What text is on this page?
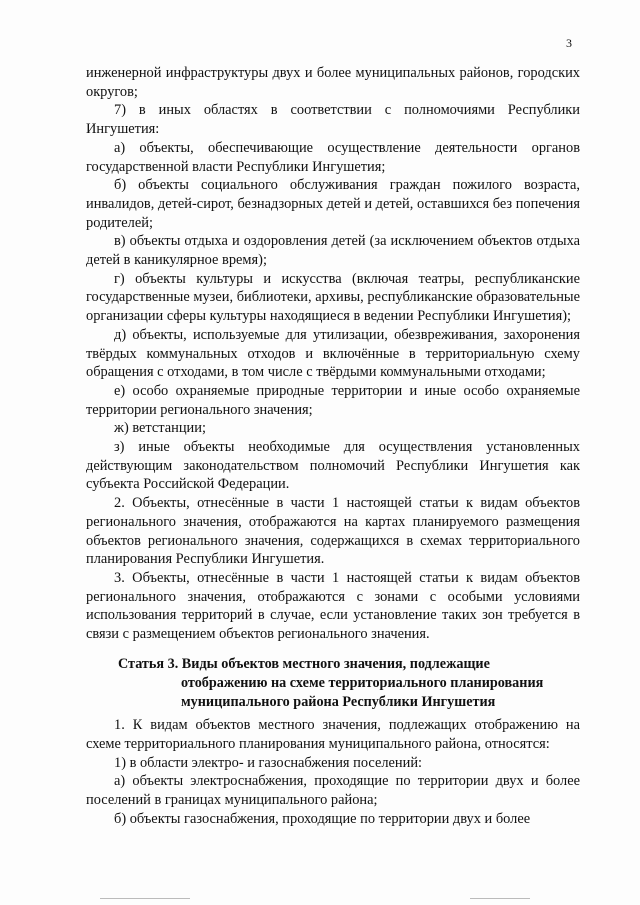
3

инженерной инфраструктуры двух и более муниципальных районов, городских округов;

7) в иных областях в соответствии с полномочиями Республики Ингушетия:

а) объекты, обеспечивающие осуществление деятельности органов государственной власти Республики Ингушетия;

б) объекты социального обслуживания граждан пожилого возраста, инвалидов, детей-сирот, безнадзорных детей и детей, оставшихся без попечения родителей;

в) объекты отдыха и оздоровления детей (за исключением объектов отдыха детей в каникулярное время);

г) объекты культуры и искусства (включая театры, республиканские государственные музеи, библиотеки, архивы, республиканские образовательные организации сферы культуры находящиеся в ведении Республики Ингушетия);

д) объекты, используемые для утилизации, обезвреживания, захоронения твёрдых коммунальных отходов и включённые в территориальную схему обращения с отходами, в том числе с твёрдыми коммунальными отходами;

е) особо охраняемые природные территории и иные особо охраняемые территории регионального значения;

ж) ветстанции;

з) иные объекты необходимые для осуществления установленных действующим законодательством полномочий Республики Ингушетия как субъекта Российской Федерации.

2. Объекты, отнесённые в части 1 настоящей статьи к видам объектов регионального значения, отображаются на картах планируемого размещения объектов регионального значения, содержащихся в схемах территориального планирования Республики Ингушетия.

3. Объекты, отнесённые в части 1 настоящей статьи к видам объектов регионального значения, отображаются с зонами с особыми условиями использования территорий в случае, если установление таких зон требуется в связи с размещением объектов регионального значения.

Статья 3. Виды объектов местного значения, подлежащие
отображению на схеме территориального планирования
муниципального района Республики Ингушетия

1. К видам объектов местного значения, подлежащих отображению на схеме территориального планирования муниципального района, относятся:

1) в области электро- и газоснабжения поселений:

а) объекты электроснабжения, проходящие по территории двух и более поселений в границах муниципального района;

б) объекты газоснабжения, проходящие по территории двух и более
